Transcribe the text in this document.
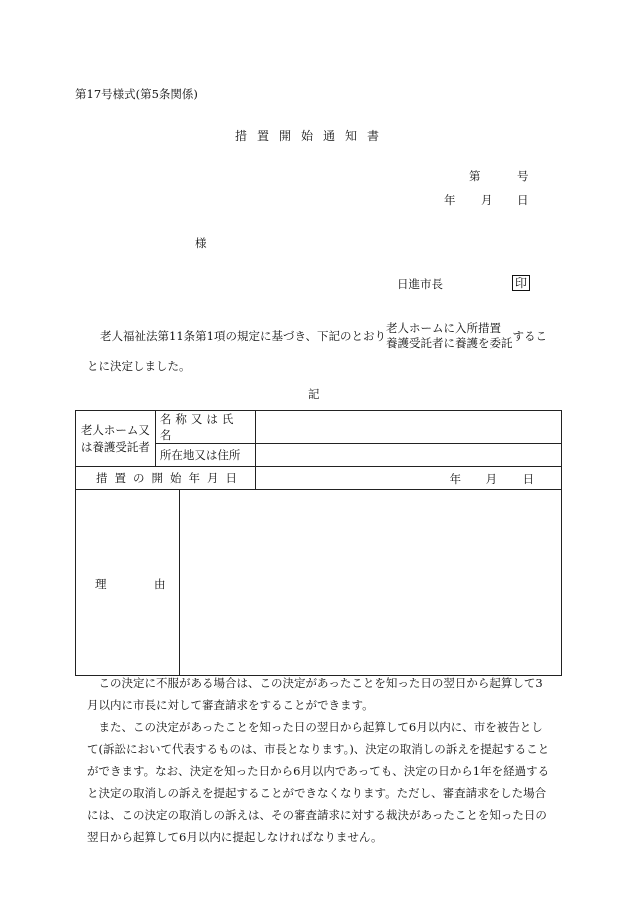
第17号様式(第5条関係)
措置開始通知書
第	号
年 月 日
様
日進市長	印
老人福祉法第11条第1項の規定に基づき、下記のとおり
老人ホームに入所措置
養護受託者に養護を委託 するこ
とに決定しました。
記
老人ホーム又
は養護受託者	名称又は氏名		
	所在地又は住所		
措置の開始年月日			年 月 日

理 由			

この決定に不服がある場合は、この決定があったことを知った日の翌日から起算して3月以内に市長に対して審査請求をすることができます。

また、この決定があったことを知った日の翌日から起算して6月以内に、市を被告として(訴訟において代表するものは、市長となります。)、決定の取消しの訴えを提起することができます。なお、決定を知った日から6月以内であっても、決定の日から1年を経過すると決定の取消しの訴えを提起することができなくなります。ただし、審査請求をした場合には、この決定の取消しの訴えは、その審査請求に対する裁決があったことを知った日の翌日から起算して6月以内に提起しなければなりません。
